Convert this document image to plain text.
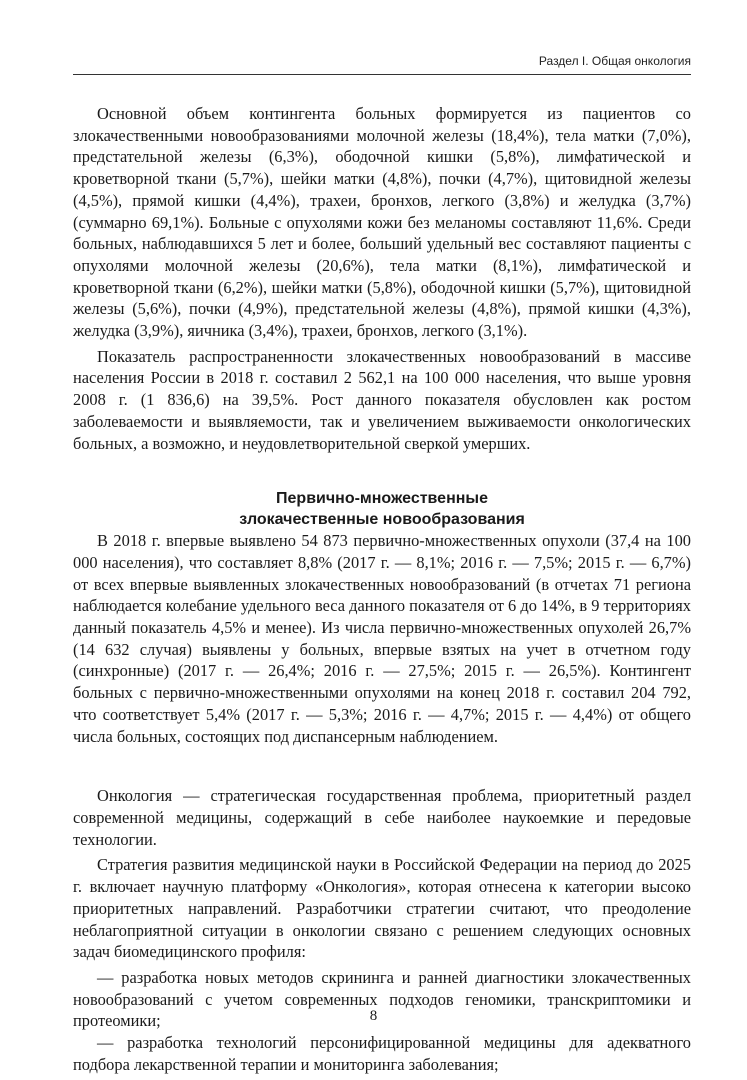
Раздел I. Общая онкология

Основной объем контингента больных формируется из пациентов со злокачественными новообразованиями молочной железы (18,4%), тела матки (7,0%), предстательной железы (6,3%), ободочной кишки (5,8%), лимфатической и кроветворной ткани (5,7%), шейки матки (4,8%), почки (4,7%), щитовидной железы (4,5%), прямой кишки (4,4%), трахеи, бронхов, легкого (3,8%) и желудка (3,7%) (суммарно 69,1%). Больные с опухолями кожи без меланомы составляют 11,6%. Среди больных, наблюдавшихся 5 лет и более, больший удельный вес составляют пациенты с опухолями молочной железы (20,6%), тела матки (8,1%), лимфатической и кроветворной ткани (6,2%), шейки матки (5,8%), ободочной кишки (5,7%), щитовидной железы (5,6%), почки (4,9%), предстательной железы (4,8%), прямой кишки (4,3%), желудка (3,9%), яичника (3,4%), трахеи, бронхов, легкого (3,1%).

Показатель распространенности злокачественных новообразований в массиве населения России в 2018 г. составил 2 562,1 на 100 000 населения, что выше уровня 2008 г. (1 836,6) на 39,5%. Рост данного показателя обусловлен как ростом заболеваемости и выявляемости, так и увеличением выживаемости онкологических больных, а возможно, и неудовлетворительной сверкой умерших.

Первично-множественные
злокачественные новообразования

В 2018 г. впервые выявлено 54 873 первично-множественных опухоли (37,4 на 100 000 населения), что составляет 8,8% (2017 г. — 8,1%; 2016 г. — 7,5%; 2015 г. — 6,7%) от всех впервые выявленных злокачественных новообразований (в отчетах 71 региона наблюдается колебание удельного веса данного показателя от 6 до 14%, в 9 территориях данный показатель 4,5% и менее). Из числа первично-множественных опухолей 26,7% (14 632 случая) выявлены у больных, впервые взятых на учет в отчетном году (синхронные) (2017 г. — 26,4%; 2016 г. — 27,5%; 2015 г. — 26,5%). Контингент больных с первично-множественными опухолями на конец 2018 г. составил 204 792, что соответствует 5,4% (2017 г. — 5,3%; 2016 г. — 4,7%; 2015 г. — 4,4%) от общего числа больных, состоящих под диспансерным наблюдением.

Онкология — стратегическая государственная проблема, приоритетный раздел современной медицины, содержащий в себе наиболее наукоемкие и передовые технологии.

Стратегия развития медицинской науки в Российской Федерации на период до 2025 г. включает научную платформу «Онкология», которая отнесена к категории высоко приоритетных направлений. Разработчики стратегии считают, что преодоление неблагоприятной ситуации в онкологии связано с решением следующих основных задач биомедицинского профиля:

— разработка новых методов скрининга и ранней диагностики злокачественных новообразований с учетом современных подходов геномики, транскриптомики и протеомики;

— разработка технологий персонифицированной медицины для адекватного подбора лекарственной терапии и мониторинга заболевания;

8
